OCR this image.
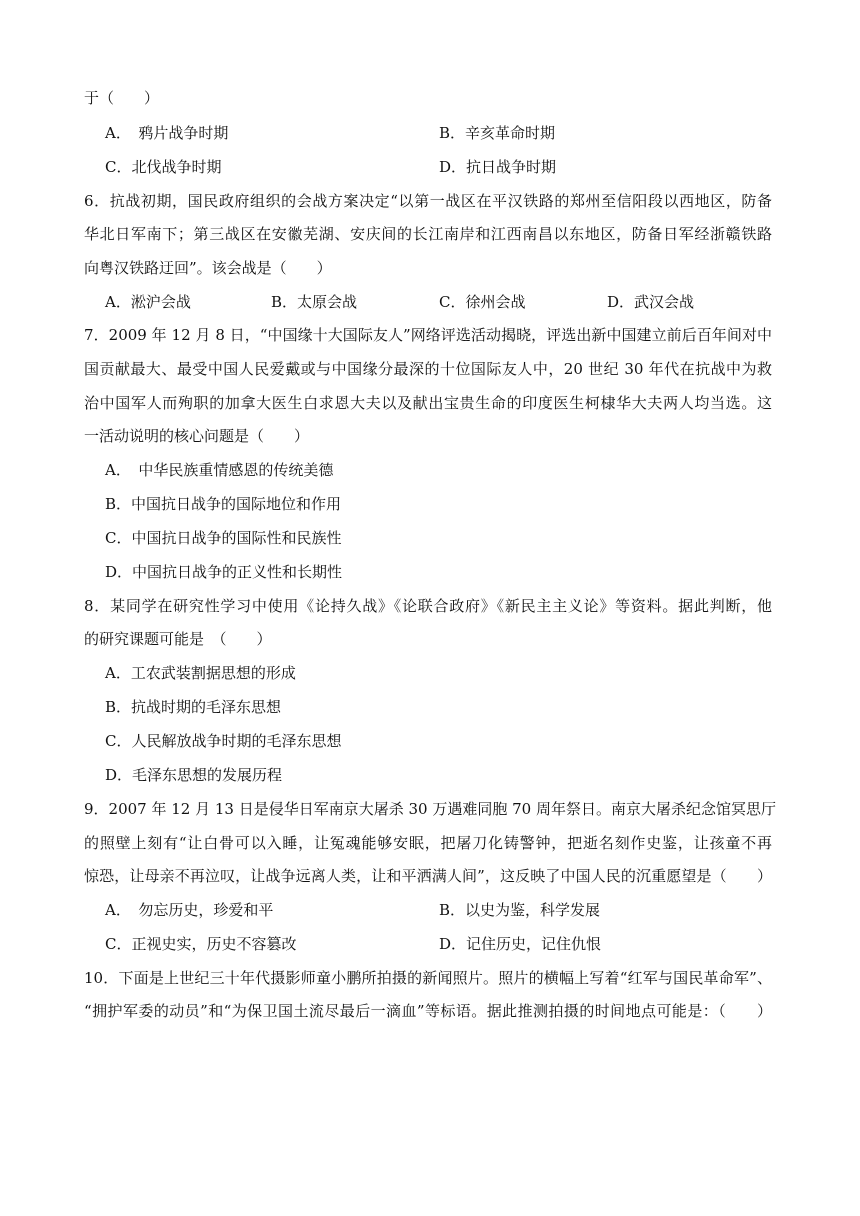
于（　　）
A．　鸦片战争时期	B．辛亥革命时期
C．北伐战争时期	D．抗日战争时期
6．抗战初期，国民政府组织的会战方案决定“以第一战区在平汉铁路的郑州至信阳段以西地区，防备
华北日军南下；第三战区在安徽芜湖、安庆间的长江南岸和江西南昌以东地区，防备日军经浙赣铁路
向粤汉铁路迂回”。该会战是（　　）
A．淞沪会战	B．太原会战	C．徐州会战	D．武汉会战
7．2009 年 12 月 8 日，“中国缘十大国际友人”网络评选活动揭晓，评选出新中国建立前后百年间对中
国贡献最大、最受中国人民爱戴或与中国缘分最深的十位国际友人中，20 世纪 30 年代在抗战中为救
治中国军人而殉职的加拿大医生白求恩大夫以及献出宝贵生命的印度医生柯棣华大夫两人均当选。这
一活动说明的核心问题是（　　）
A．　中华民族重情感恩的传统美德
B．中国抗日战争的国际地位和作用
C．中国抗日战争的国际性和民族性
D．中国抗日战争的正义性和长期性
8．某同学在研究性学习中使用《论持久战》《论联合政府》《新民主主义论》等资料。据此判断，他
的研究课题可能是　（　　）
A．工农武装割据思想的形成
B．抗战时期的毛泽东思想
C．人民解放战争时期的毛泽东思想
D．毛泽东思想的发展历程
9．2007 年 12 月 13 日是侵华日军南京大屠杀 30 万遇难同胞 70 周年祭日。南京大屠杀纪念馆冥思厅
的照壁上刻有“让白骨可以入睡，让冤魂能够安眠，把屠刀化铸警钟，把逝名刻作史鉴，让孩童不再
惊恐，让母亲不再泣叹，让战争远离人类，让和平洒满人间”，这反映了中国人民的沉重愿望是（　　）
A．　勿忘历史，珍爱和平	B．以史为鉴，科学发展
C．正视史实，历史不容篡改	D．记住历史，记住仇恨
10．下面是上世纪三十年代摄影师童小鹏所拍摄的新闻照片。照片的横幅上写着“红军与国民革命军”、
“拥护军委的动员”和“为保卫国土流尽最后一滴血”等标语。据此推测拍摄的时间地点可能是：（　　）
